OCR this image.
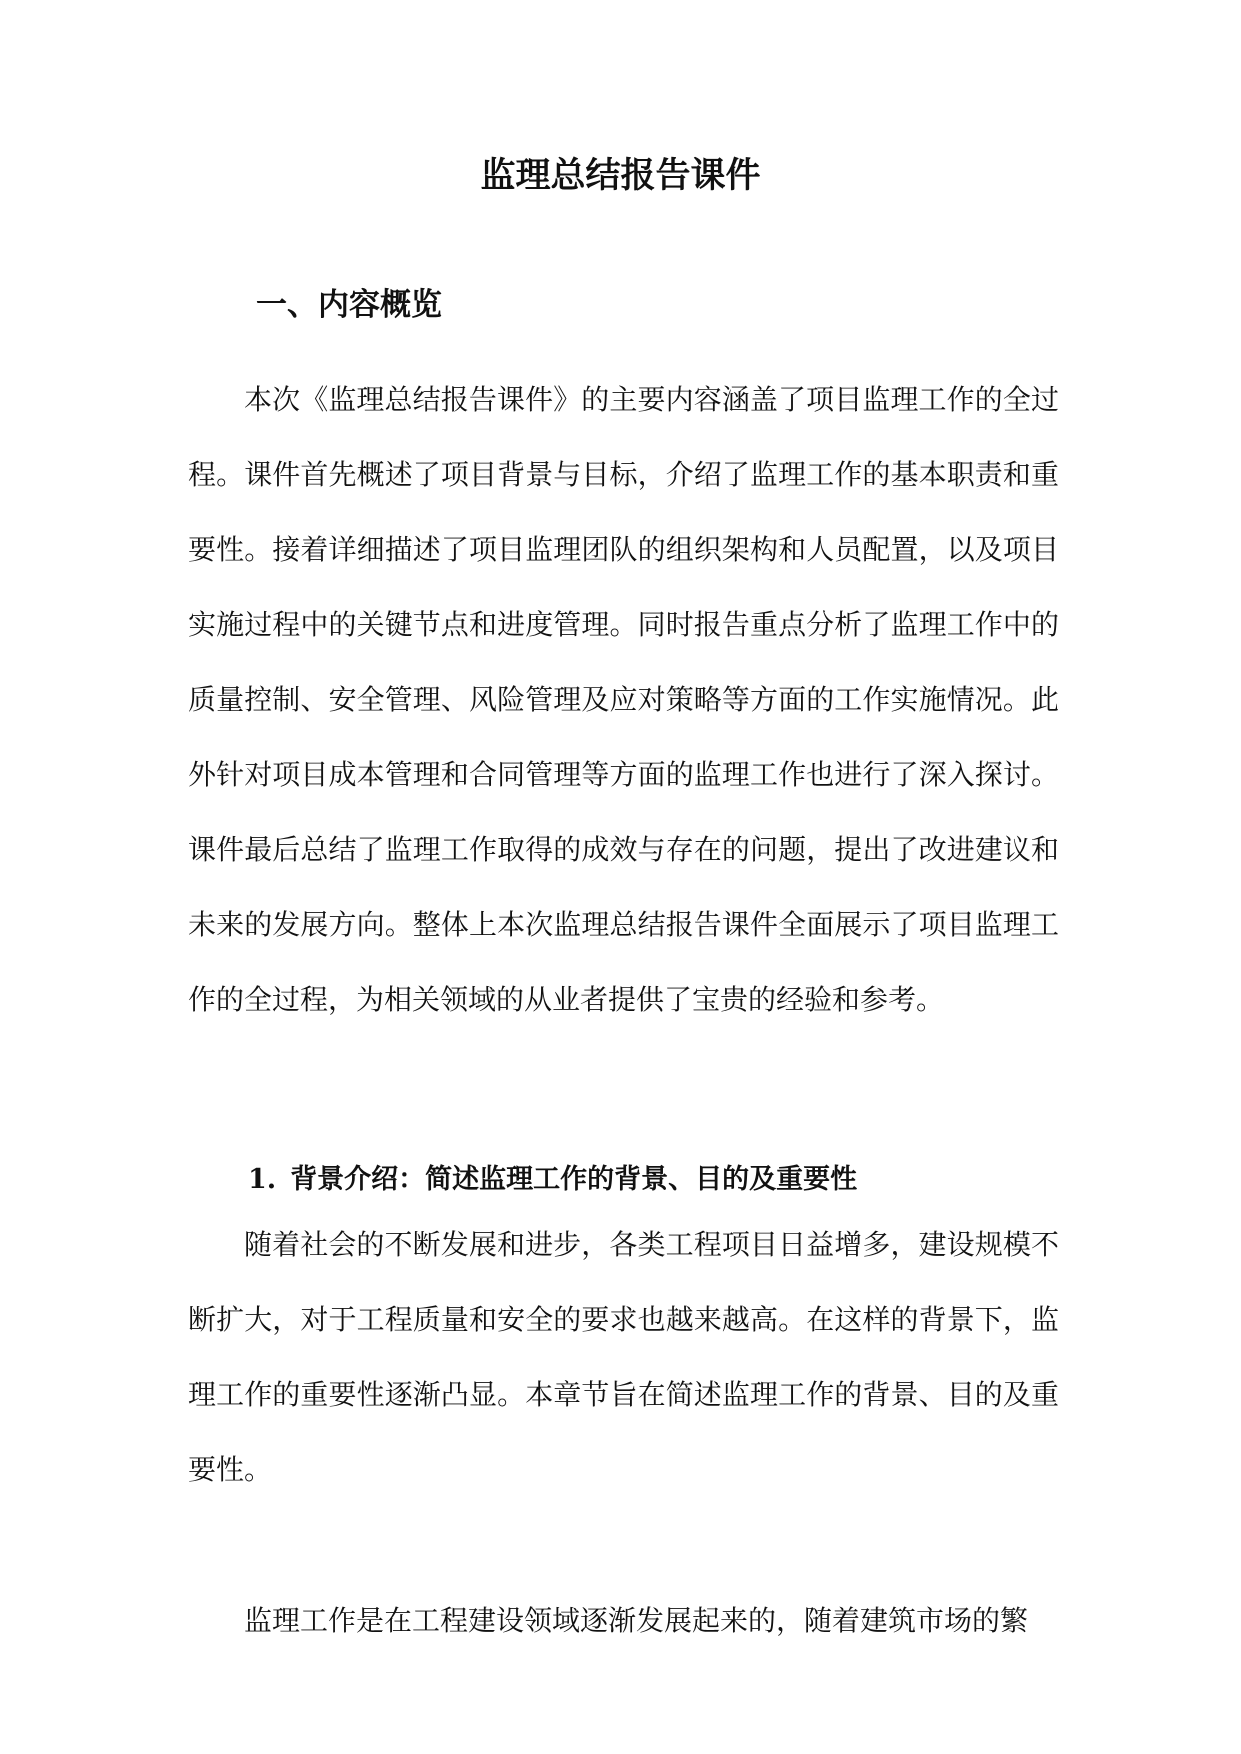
监理总结报告课件
一、内容概览

本次《监理总结报告课件》的主要内容涵盖了项目监理工作的全过程。课件首先概述了项目背景与目标，介绍了监理工作的基本职责和重要性。接着详细描述了项目监理团队的组织架构和人员配置，以及项目实施过程中的关键节点和进度管理。同时报告重点分析了监理工作中的质量控制、安全管理、风险管理及应对策略等方面的工作实施情况。此外针对项目成本管理和合同管理等方面的监理工作也进行了深入探讨。课件最后总结了监理工作取得的成效与存在的问题，提出了改进建议和未来的发展方向。整体上本次监理总结报告课件全面展示了项目监理工作的全过程，为相关领域的从业者提供了宝贵的经验和参考。

1. 背景介绍：简述监理工作的背景、目的及重要性

随着社会的不断发展和进步，各类工程项目日益增多，建设规模不断扩大，对于工程质量和安全的要求也越来越高。在这样的背景下，监理工作的重要性逐渐凸显。本章节旨在简述监理工作的背景、目的及重要性。

监理工作是在工程建设领域逐渐发展起来的，随着建筑市场的繁
